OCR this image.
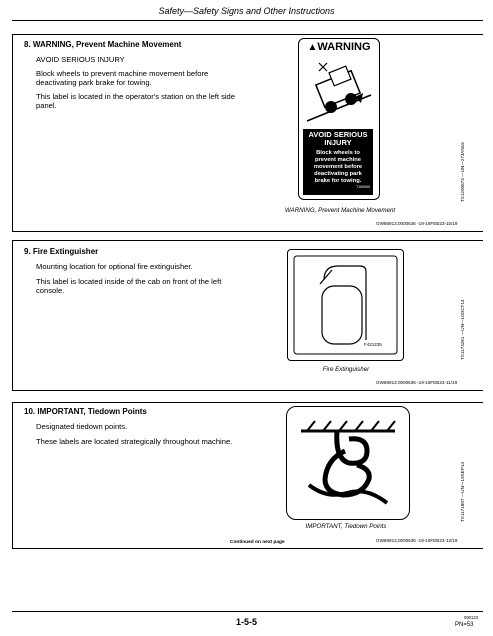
Safety—Safety Signs and Other Instructions
8. WARNING, Prevent Machine Movement
AVOID SERIOUS INJURY
Block wheels to prevent machine movement before deactivating park brake for towing.
This label is located in the operator's station on the left side panel.
▲WARNING
AVOID SERIOUS INJURY
Block wheels to prevent machine movement before deactivating park brake for towing.
T169069	TX1200674 —UN—27JAN16
WARNING, Prevent Machine Movement
GW86913,0000636 -19-16FEB23-10/19
9. Fire Extinguisher
Mounting location for optional fire extinguisher.
This label is located inside of the cab on front of the left console.
F421235	TX1174261 —UN—10OCT14
Fire Extinguisher
GW86913,0000636 -19-16FEB23-11/19
10. IMPORTANT, Tiedown Points
Designated tiedown points.
These labels are located strategically throughout machine.
TX1171897 —UN—19SEP14
IMPORTANT, Tiedown Points
GW86913,0000636 -19-16FEB23-12/19
Continued on next page
1-5-5	090123
PN=53
